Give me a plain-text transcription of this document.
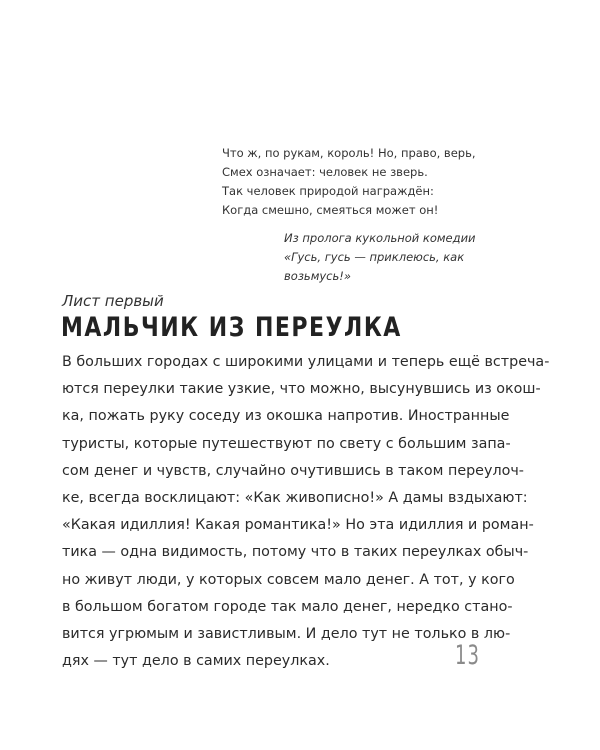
Что ж, по рукам, король! Но, право, верь,
Смех означает: человек не зверь.
Так человек природой награждён:
Когда смешно, смеяться может он!
Из пролога кукольной комедии
«Гусь, гусь — приклеюсь, как
возьмусь!»
Лист первый
МАЛЬЧИК ИЗ ПЕРЕУЛКА
В больших городах с широкими улицами и теперь ещё встреча-
ются переулки такие узкие, что можно, высунувшись из окош-
ка, пожать руку соседу из окошка напротив. Иностранные
туристы, которые путешествуют по свету с большим запа-
сом денег и чувств, случайно очутившись в таком переулоч-
ке, всегда восклицают: «Как живописно!» А дамы вздыхают:
«Какая идиллия! Какая романтика!» Но эта идиллия и роман-
тика — одна видимость, потому что в таких переулках обыч-
но живут люди, у которых совсем мало денег. А тот, у кого
в большом богатом городе так мало денег, нередко стано-
вится угрюмым и завистливым. И дело тут не только в лю-
дях — тут дело в самих переулках.	13
